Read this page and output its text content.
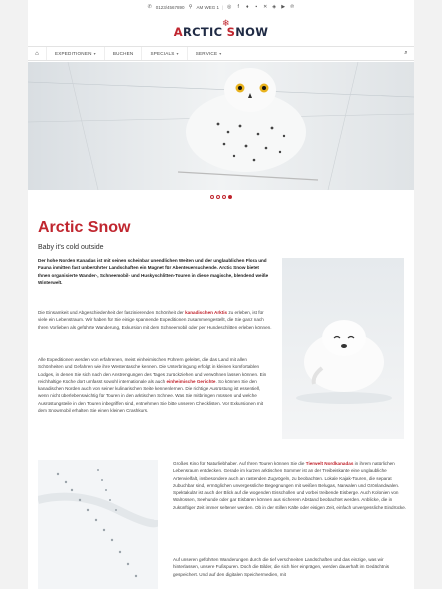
✆ 0123/4567890 ⚲ AM WEG 1 | ◎	f	♦	▪	✕ ◈ ▶ ℗
❄
ARCTIC SNOW
⌂	EXPEDITIONEN ▾	BUCHEN	SPECIALS ▾	SERVICE ▾	⌕
Arctic Snow
Baby it's cold outside

Der hohe Norden Kanadas ist mit seinen scheinbar unendlichen Weiten und der unglaublichen Flora und Fauna inmitten fast unberührter Landschaften ein Magnet für Abenteuersuchende. Arctic Snow bietet Ihnen organisierte Wander-, Schneemobil- und Huskyschlitten-Touren in diese magische, blendend weiße Winterwelt.

Die Einsamkeit und Abgeschiedenheit der faszinierenden Schönheit der kanadischen Arktis zu erleben, ist für viele ein Lebenstraum. Wir haben für Sie einige spannende Expeditionen zusammengestellt, die Sie ganz nach Ihren Vorlieben als geführte Wanderung, Exkursion mit dem Schneemobil oder per Hundeschlitten erleben können.

Alle Expeditionen werden von erfahrenen, meist einheimischen Führern geleitet, die das Land mit allen Schönheiten und Gefahren wie ihre Westentasche kennen. Die Unterbringung erfolgt in kleinen komfortablen Lodges, in denen Sie sich nach den Anstrengungen des Tages zurückziehen und verwöhnen lassen können. Ein reichhaltige Küche dort umfasst sowohl internationale als auch einheimische Gerichte. So können Sie den kanadischen Norden auch von seiner kulinarischen Seite kennenlernen. Die richtige Ausrüstung ist essentiell, wenn nicht überlebenswichtig für Touren in den arktischen Schnee. Was Sie mitbringen müssen und welche Ausrüstungsteile in den Touren inbegriffen sind, entnehmen Sie bitte unseren Checklisten. Vor Exkursionen mit dem Snowmobil erhalten Sie einen kleinen Crashkurs.

Großes Kino für Naturliebhaber. Auf Ihren Touren können Sie die Tierwelt Nordkanadas in ihrem natürlichen Lebensraum entdecken. Gerade im kurzen arktischen Sommer ist an der Treibeiskante eine unglaubliche Artenvielfalt, insbesondere auch an rastenden Zugvögeln, zu beobachten. Lokale Kajak-Touren, die separat zubuchbar sind, ermöglichen unvergessliche Begegnungen mit weißen Belugas, Narwalen und Grönlandwalen. Spektakulär ist auch der Blick auf die wogenden Eisschollen und vorbei treibende Eisberge. Auch Kolonien von Walrossen, Seehunde oder gar Eisbären können aus sicherem Abstand beobachtet werden. Anblicke, die in zukünftiger Zeit immer seltener werden. Ob in der stillen Kälte oder eisigen Zeit, einfach unvergessliche Eindrücke.

Auf unseren geführten Wanderungen durch die tief verschneiten Landschaften und das einzige, was wir hinterlassen, unsere Fußspuren. Doch die Bilder, die sich hier einprägen, werden dauerhaft im Gedächtnis gespeichert. Und auf den digitalen Speichermedien, mit
